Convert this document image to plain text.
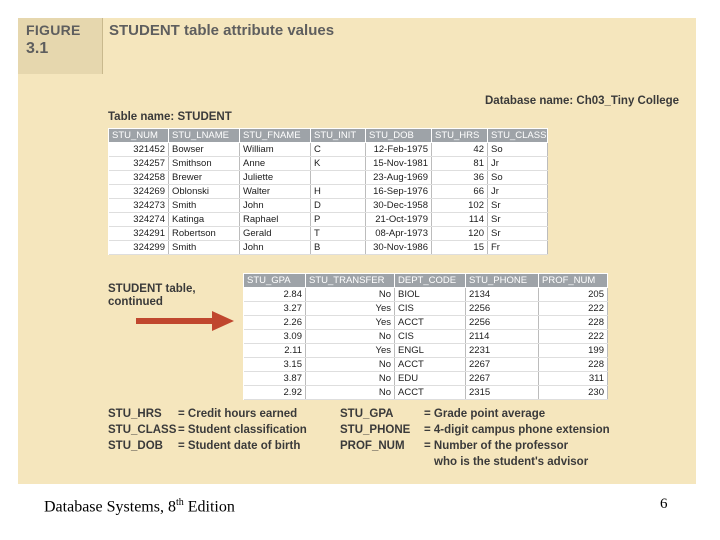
FIGURE
3.1
STUDENT table attribute values
Table name: STUDENT
Database name: Ch03_Tiny College
STU_NUM	STU_LNAME	STU_FNAME	STU_INIT	STU_DOB	STU_HRS	STU_CLASS
321452	Bowser	William	C	12-Feb-1975	42	So
324257	Smithson	Anne	K	15-Nov-1981	81	Jr
324258	Brewer	Juliette		23-Aug-1969	36	So
324269	Oblonski	Walter	H	16-Sep-1976	66	Jr
324273	Smith	John	D	30-Dec-1958	102	Sr
324274	Katinga	Raphael	P	21-Oct-1979	114	Sr
324291	Robertson	Gerald	T	08-Apr-1973	120	Sr
324299	Smith	John	B	30-Nov-1986	15	Fr
STUDENT table,
continued
STU_GPA	STU_TRANSFER	DEPT_CODE	STU_PHONE	PROF_NUM
2.84	No	BIOL	2134	205
3.27	Yes	CIS	2256	222
2.26	Yes	ACCT	2256	228
3.09	No	CIS	2114	222
2.11	Yes	ENGL	2231	199
3.15	No	ACCT	2267	228
3.87	No	EDU	2267	311
2.92	No	ACCT	2315	230
STU_HRS = Credit hours earned
STU_CLASS = Student classification
STU_DOB = Student date of birth
STU_GPA	= Grade point average
STU_PHONE = 4-digit campus phone extension
PROF_NUM = Number of the professor
who is the student's advisor
Database Systems, 8th Edition	6
